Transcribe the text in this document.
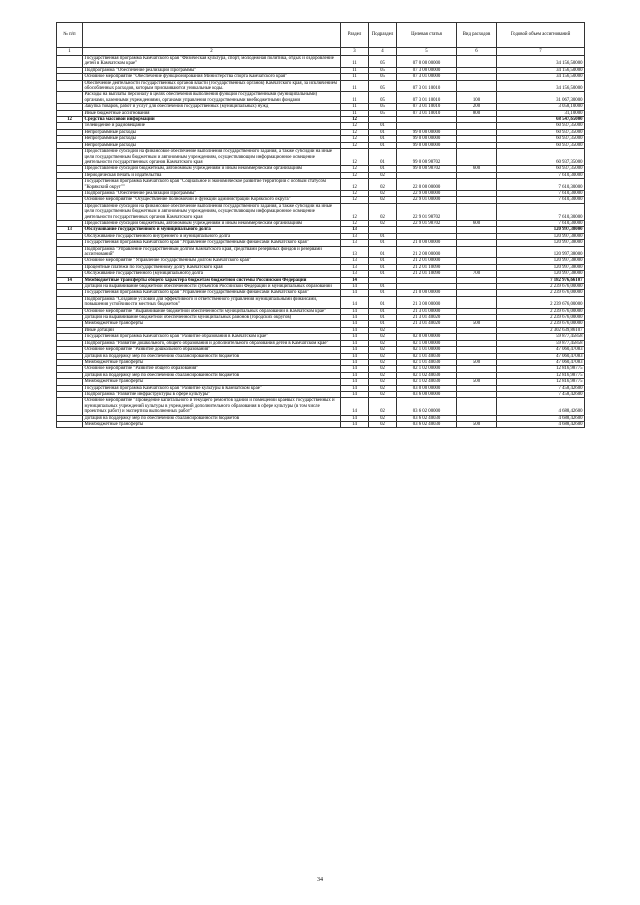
№ п/п		Раздел	Подраздел	Целевая статья	Вид расходов	Годовой объем ассигнований
1	2	3	4	5	6	7
	Государственная программа Камчатского края "Физическая культура, спорт, молодежная политика, отдых и оздоровление детей в Камчатском крае"	11	05	07 0 00 00000		34 156,50000
	Подпрограмма "Обеспечение реализации Программы"	11	05	07 3 00 00000		34 156,50000
	Основное мероприятие "Обеспечение функционирования Министерства спорта Камчатского края"	11	05	07 3 01 00000		34 156,50000
	Обеспечение деятельности государственных органов власти (государственных органов) Камчатского края, за исключением обособленных расходов, которым присваиваются уникальные коды.	11	05	07 3 01 10010		34 156,50000
	Расходы на выплаты персоналу в целях обеспечения выполнения функций государственными (муниципальными) органами, казенными учреждениями, органами управления государственными внебюджетными фондами	11	05	07 3 01 10010	100	31 067,30000
	Закупка товаров, работ и услуг для обеспечения государственных (муниципальных) нужд	11	05	07 3 01 10010	200	3 058,10000
	Иные бюджетные ассигнования	11	05	07 3 01 10010	800	31,10000
12	Средства массовой информации	12				68 547,65000
	Телевидение и радиовещание	12	01			60 937,35000
	Непрограммные расходы	12	01	99 0 00 00000		60 937,35000
	Непрограммные расходы	12	01	99 0 00 00000		60 937,35000
	Непрограммные расходы	12	01	99 0 00 00000		60 937,35000
	Предоставление субсидий на финансовое обеспечение выполнения государственного задания, а также субсидий на иные цели государственным бюджетным и автономным учреждениям, осуществляющим информационное освещение деятельности государственных органов Камчатского края	12	01	99 0 00 98702		60 937,35000
	Предоставление субсидий бюджетным, автономным учреждениям и иным некоммерческим организациям	12	01	99 0 00 98702	600	60 937,35000
	Периодическая печать и издательства	12	02			7 610,30000
	Государственная программа Камчатского края "Социальное и экономическое развитие территории с особым статусом "Корякский округ""	12	02	22 0 00 00000		7 610,30000
	Подпрограмма "Обеспечение реализации Программы"	12	02	22 9 00 00000		7 610,30000
	Основное мероприятие "Осуществление полномочий и функций администрации Корякского округа"	12	02	22 9 01 00000		7 610,30000
	Предоставление субсидий на финансовое обеспечение выполнения государственного задания, а также субсидий на иные цели государственным бюджетным и автономным учреждениям, осуществляющим информационное освещение деятельности государственных органов Камчатского края	12	02	22 9 01 98702		7 610,30000
	Предоставление субсидий бюджетным, автономным учреждениям и иным некоммерческим организациям	12	02	22 9 01 98702	600	7 610,30000
13	Обслуживание государственного и муниципального долга	13				120 997,38000
	Обслуживание государственного внутреннего и муниципального долга	13	01			120 997,38000
	Государственная программа Камчатского края "Управление государственными финансами Камчатского края"	13	01	21 0 00 00000		120 997,38000
	Подпрограмма "Управление государственным долгом Камчатского края, средствами резервных фондов и резервами ассигнований"	13	01	21 2 00 00000		120 997,38000
	Основное мероприятие "Управление государственным долгом Камчатского края"	13	01	21 2 01 00000		120 997,38000
	Процентные платежи по государственному долгу Камчатского края	13	01	21 2 01 10090		120 997,38000
	Обслуживание государственного (муниципального) долга	13	01	21 2 01 10090	700	120 997,38000
14	Межбюджетные трансферты общего характера бюджетам бюджетной системы Российской Федерации	14				7 182 976,66107
	Дотации на выравнивание бюджетной обеспеченности субъектов Российской Федерации и муниципальных образований	14	01			2 239 676,00000
	Государственная программа Камчатского края "Управление государственными финансами Камчатского края"	14	01	21 0 00 00000		2 239 676,00000
	Подпрограмма "Создание условий для эффективного и ответственного управления муниципальными финансами, повышения устойчивости местных бюджетов"	14	01	21 3 00 00000		2 239 676,00000
	Основное мероприятие "Выравнивание бюджетной обеспеченности муниципальных образований в Камчатском крае"	14	01	21 3 01 00000		2 239 676,00000
	Дотации на выравнивание бюджетной обеспеченности муниципальных районов (городских округов)	14	01	21 3 01 40020		2 239 676,00000
	Межбюджетные трансферты	14	01	21 3 01 40020	500	2 239 676,00000
	Иные дотации	14	02			2 302 639,86107
	Государственная программа Камчатского края "Развитие образования в Камчатском крае"	14	02	02 0 00 00000		59 877,45858
	Подпрограмма "Развитие дошкольного, общего образования и дополнительного образования детей в Камчатском крае"	14	02	02 1 00 00000		59 877,45858
	Основное мероприятие "Развитие дошкольного образования"	14	02	02 1 01 00000		47 060,47083
	Дотация на поддержку мер по обеспечению сбалансированности бюджетов	14	02	02 1 01 40030		47 060,47083
	Межбюджетные трансферты	14	02	02 1 01 40030	500	47 060,47083
	Основное мероприятие "Развитие общего образования"	14	02	02 1 02 00000		12 816,98775
	Дотация на поддержку мер по обеспечению сбалансированности бюджетов	14	02	02 1 02 40030		12 816,98775
	Межбюджетные трансферты	14	02	02 1 02 40030	500	12 816,98775
	Государственная программа Камчатского края "Развитие культуры в Камчатском крае"	14	02	03 0 00 00000		7 458,42600
	Подпрограмма "Развитие инфраструктуры в сфере культуры"	14	02	03 6 00 00000		7 458,42600
	Основное мероприятие "Проведение капитального и текущего ремонтов зданий и помещений краевых государственных и муниципальных учреждений культуры в учреждений дополнительного образования в сфере культуры (в том числе проектных работ) и экспертиза выполненных работ"	14	02	03 6 02 00000		4 688,42600
	Дотация на поддержку мер по обеспечению сбалансированности бюджетов	14	02	03 6 02 40030		4 688,42600
	Межбюджетные трансферты	14	02	03 6 02 40030	500	4 688,42600
34
